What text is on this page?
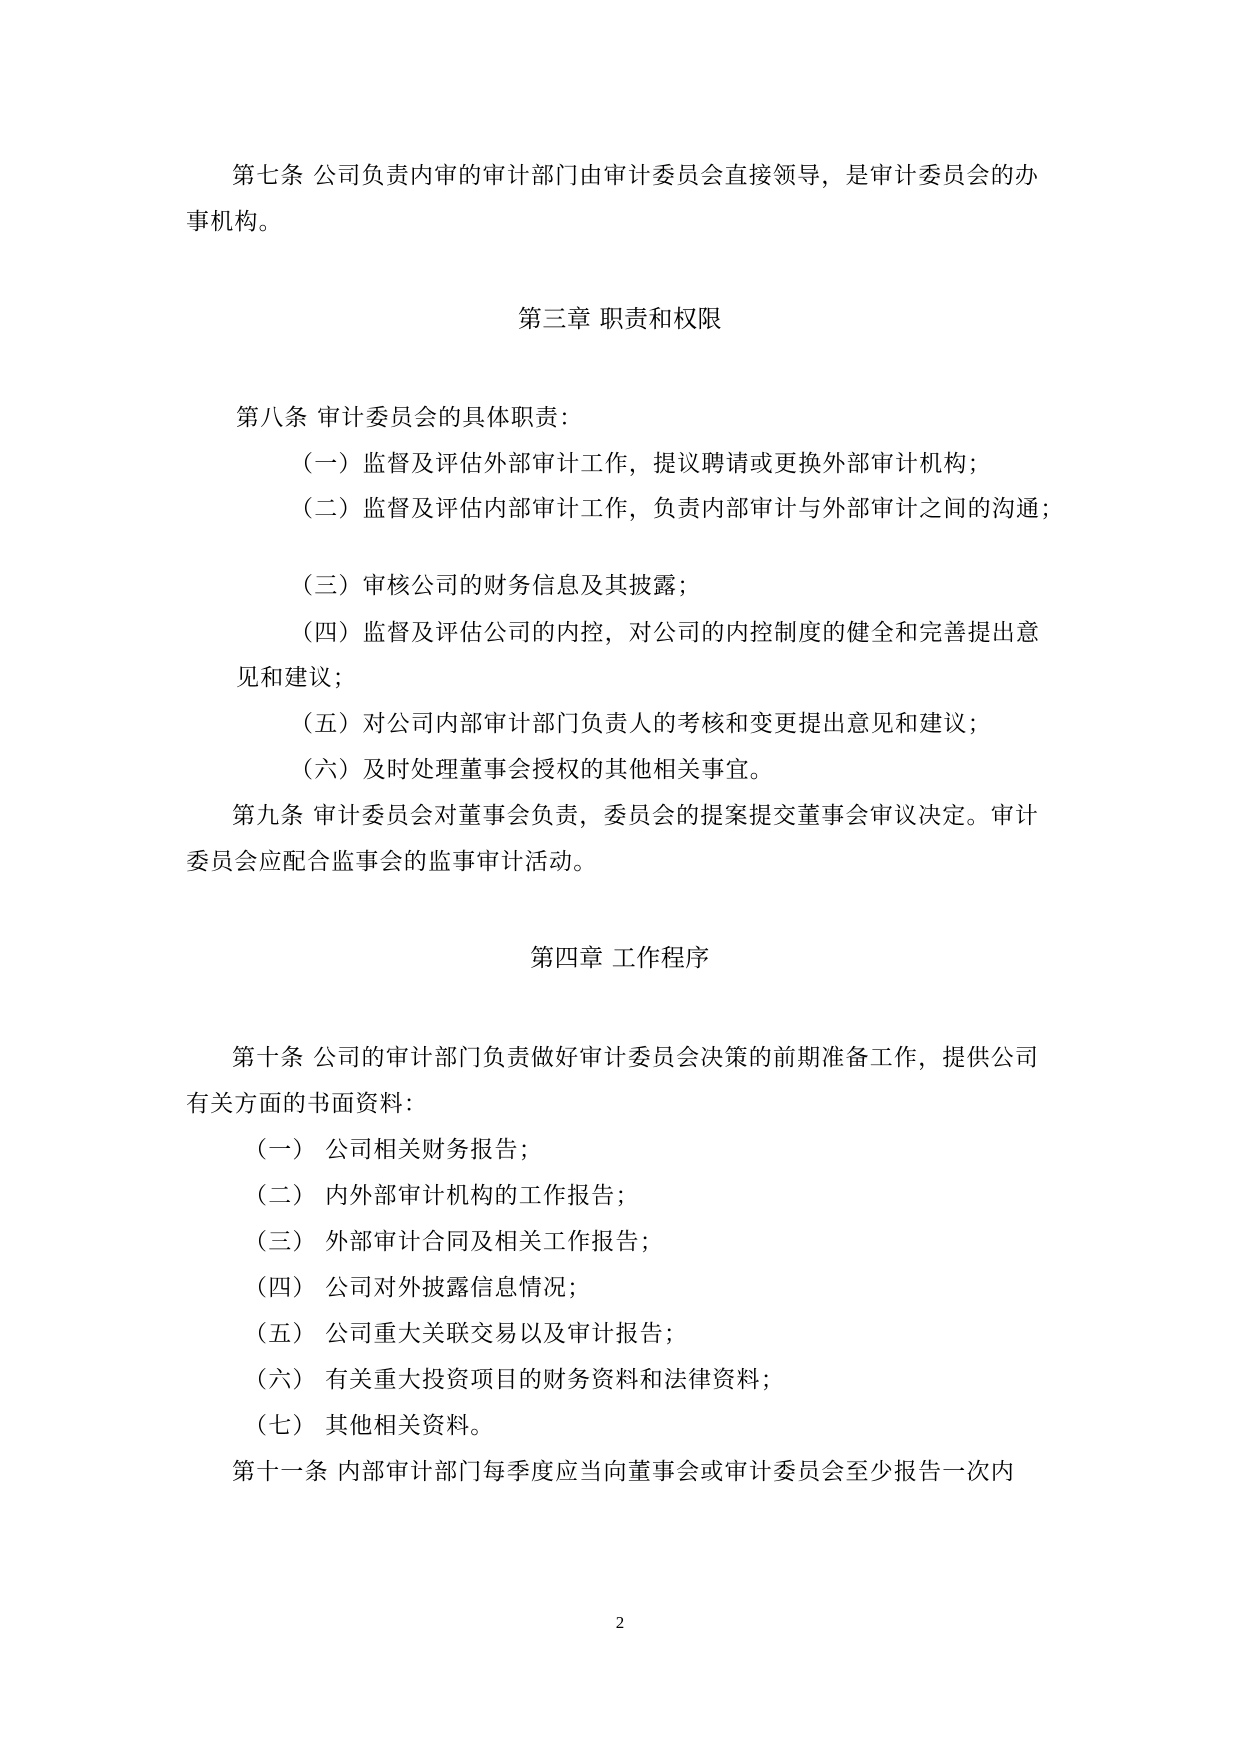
第七条 公司负责内审的审计部门由审计委员会直接领导，是审计委员会的办
事机构。
第三章 职责和权限
第八条 审计委员会的具体职责：
（一）监督及评估外部审计工作，提议聘请或更换外部审计机构；
（二）监督及评估内部审计工作，负责内部审计与外部审计之间的沟通；
（三）审核公司的财务信息及其披露；
（四）监督及评估公司的内控，对公司的内控制度的健全和完善提出意
见和建议；
（五）对公司内部审计部门负责人的考核和变更提出意见和建议；
（六）及时处理董事会授权的其他相关事宜。
第九条 审计委员会对董事会负责，委员会的提案提交董事会审议决定。审计
委员会应配合监事会的监事审计活动。
第四章 工作程序
第十条 公司的审计部门负责做好审计委员会决策的前期准备工作，提供公司
有关方面的书面资料：
（一） 公司相关财务报告；
（二） 内外部审计机构的工作报告；
（三） 外部审计合同及相关工作报告；
（四） 公司对外披露信息情况；
（五） 公司重大关联交易以及审计报告；
（六） 有关重大投资项目的财务资料和法律资料；
（七） 其他相关资料。
第十一条 内部审计部门每季度应当向董事会或审计委员会至少报告一次内
2
